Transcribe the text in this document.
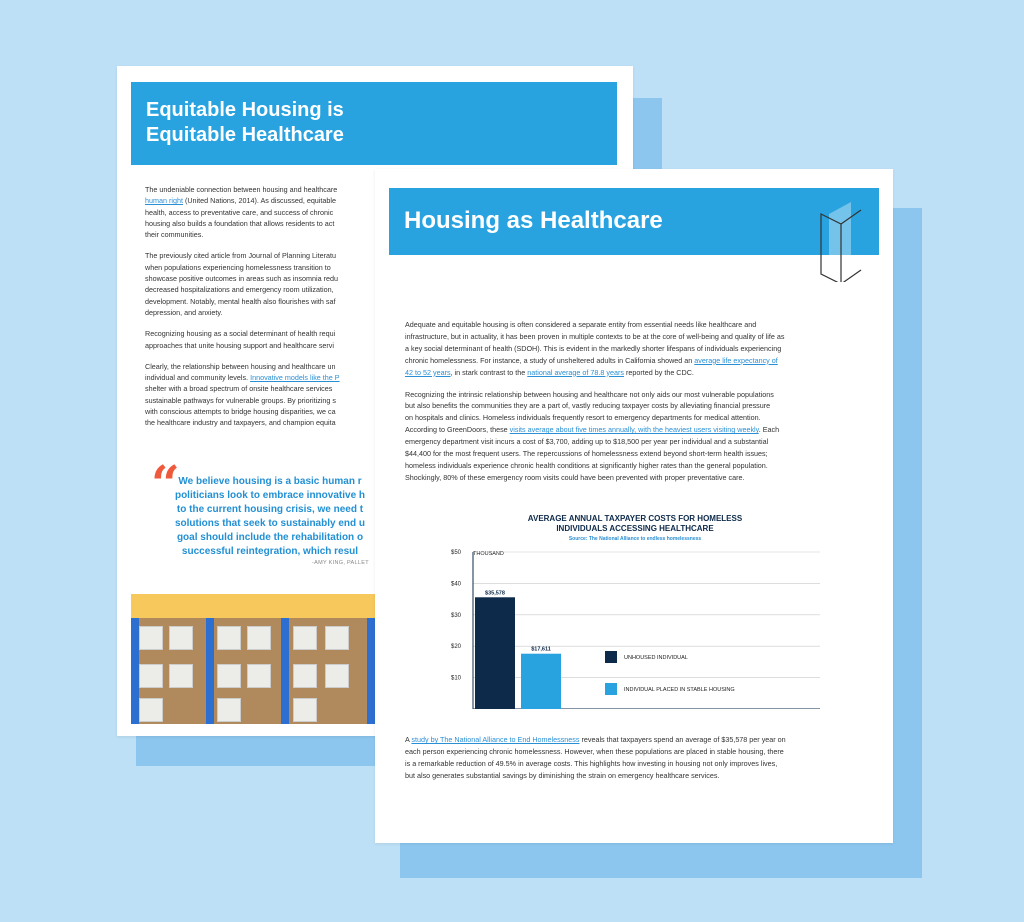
Equitable Housing is
Equitable Healthcare

The undeniable connection between housing and healthcare
human right (United Nations, 2014). As discussed, equitable
health, access to preventative care, and success of chronic
housing also builds a foundation that allows residents to act
their communities.

The previously cited article from Journal of Planning Literatu
when populations experiencing homelessness transition to
showcase positive outcomes in areas such as insomnia redu
decreased hospitalizations and emergency room utilization,
development. Notably, mental health also flourishes with saf
depression, and anxiety.

Recognizing housing as a social determinant of health requi
approaches that unite housing support and healthcare servi

Clearly, the relationship between housing and healthcare un
individual and community levels. Innovative models like the P
shelter with a broad spectrum of onsite healthcare services
sustainable pathways for vulnerable groups. By prioritizing s
with conscious attempts to bridge housing disparities, we ca
the healthcare industry and taxpayers, and champion equita

“
We believe housing is a basic human r
politicians look to embrace innovative h
to the current housing crisis, we need t
solutions that seek to sustainably end u
goal should include the rehabilitation o
successful reintegration, which resul
-AMY KING, PALLET
Housing as Healthcare

Adequate and equitable housing is often considered a separate entity from essential needs like healthcare and
infrastructure, but in actuality, it has been proven in multiple contexts to be at the core of well-being and quality of life as
a key social determinant of health (SDOH). This is evident in the markedly shorter lifespans of individuals experiencing
chronic homelessness. For instance, a study of unsheltered adults in California showed an average life expectancy of
42 to 52 years, in stark contrast to the national average of 78.8 years reported by the CDC.

Recognizing the intrinsic relationship between housing and healthcare not only aids our most vulnerable populations
but also benefits the communities they are a part of, vastly reducing taxpayer costs by alleviating financial pressure
on hospitals and clinics. Homeless individuals frequently resort to emergency departments for medical attention.
According to GreenDoors, these visits average about five times annually, with the heaviest users visiting weekly. Each
emergency department visit incurs a cost of $3,700, adding up to $18,500 per year per individual and a substantial
$44,400 for the most frequent users. The repercussions of homelessness extend beyond short-term health issues;
homeless individuals experience chronic health conditions at significantly higher rates than the general population.
Shockingly, 80% of these emergency room visits could have been prevented with proper preventative care.

AVERAGE ANNUAL TAXPAYER COSTS FOR HOMELESS
INDIVIDUALS ACCESSING HEALTHCARE
Source: The National Alliance to endless homelessness
THOUSAND
$10
$20
$30
$40
$50
$35,578
$17,611
UNHOUSED INDIVIDUAL
INDIVIDUAL PLACED IN STABLE HOUSING

A study by The National Alliance to End Homelessness reveals that taxpayers spend an average of $35,578 per year on
each person experiencing chronic homelessness. However, when these populations are placed in stable housing, there
is a remarkable reduction of 49.5% in average costs. This highlights how investing in housing not only improves lives,
but also generates substantial savings by diminishing the strain on emergency healthcare services.
